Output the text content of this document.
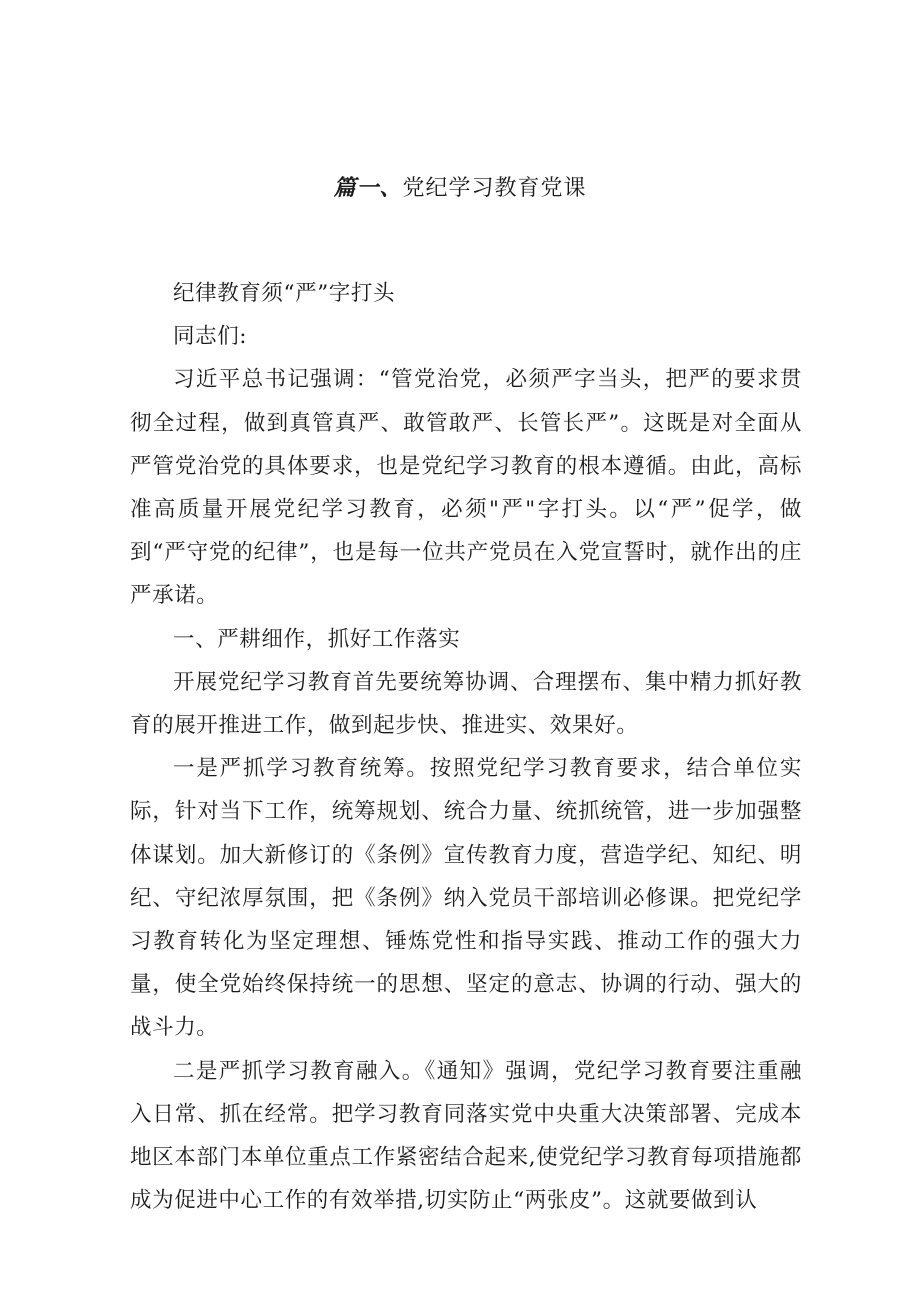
篇一、党纪学习教育党课

纪律教育须“严”字打头

同志们:

习近平总书记强调：“管党治党，必须严字当头，把严的要求贯彻全过程，做到真管真严、敢管敢严、长管长严”。这既是对全面从严管党治党的具体要求，也是党纪学习教育的根本遵循。由此，高标准高质量开展党纪学习教育，必须"严"字打头。以“严”促学，做到“严守党的纪律”，也是每一位共产党员在入党宣誓时，就作出的庄严承诺。

一、严耕细作，抓好工作落实

开展党纪学习教育首先要统筹协调、合理摆布、集中精力抓好教育的展开推进工作，做到起步快、推进实、效果好。

一是严抓学习教育统筹。按照党纪学习教育要求，结合单位实际，针对当下工作，统筹规划、统合力量、统抓统管，进一步加强整体谋划。加大新修订的《条例》宣传教育力度，营造学纪、知纪、明纪、守纪浓厚氛围，把《条例》纳入党员干部培训必修课。把党纪学习教育转化为坚定理想、锤炼党性和指导实践、推动工作的强大力量，使全党始终保持统一的思想、坚定的意志、协调的行动、强大的战斗力。

二是严抓学习教育融入。《通知》强调，党纪学习教育要注重融入日常、抓在经常。把学习教育同落实党中央重大决策部署、完成本地区本部门本单位重点工作紧密结合起来,使党纪学习教育每项措施都成为促进中心工作的有效举措,切实防止“两张皮”。这就要做到认
